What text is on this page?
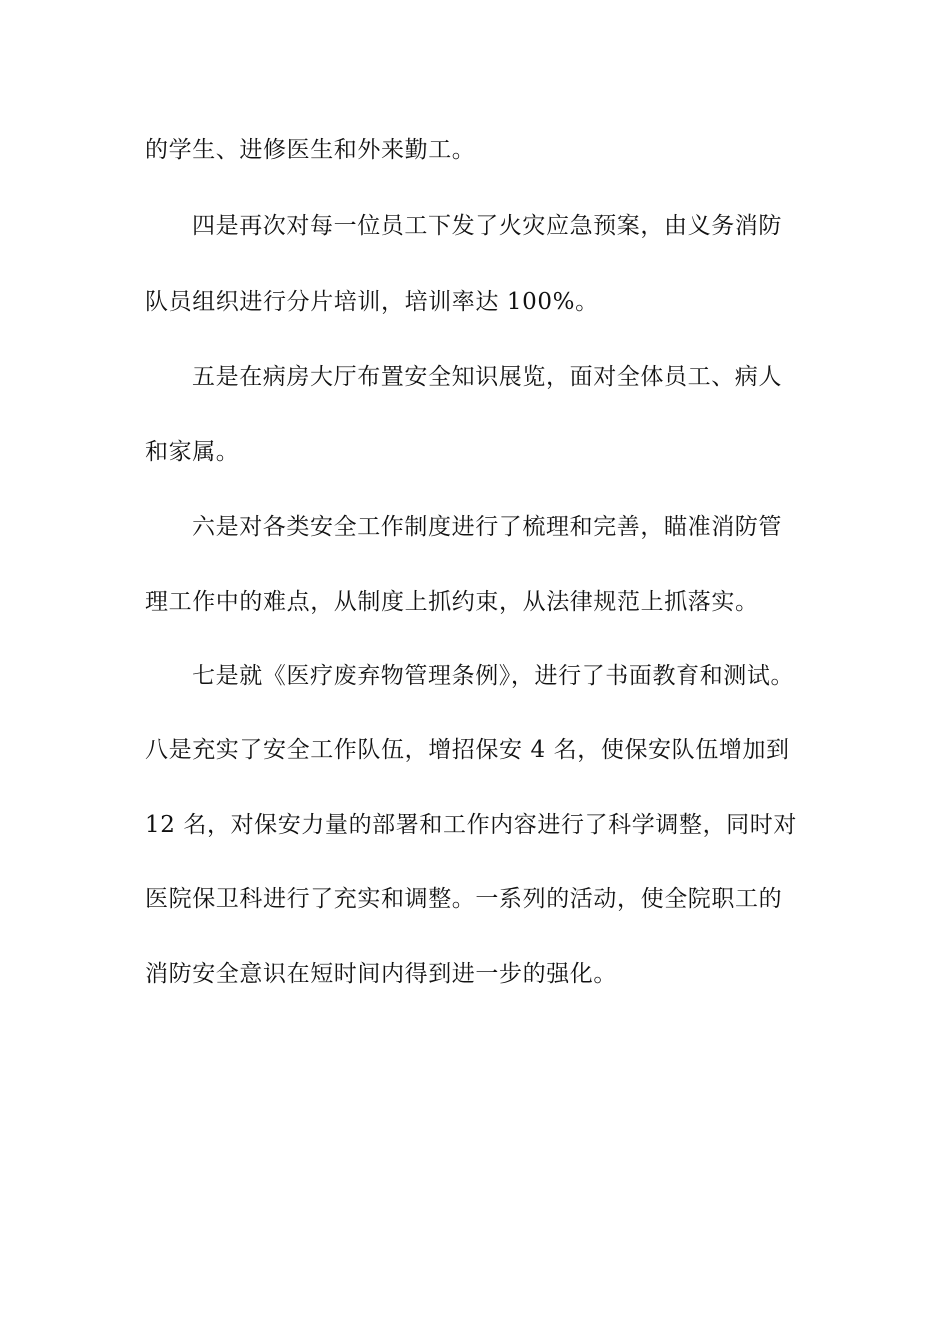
的学生、进修医生和外来勤工。
四是再次对每一位员工下发了火灾应急预案，由义务消防
队员组织进行分片培训，培训率达 100%。
五是在病房大厅布置安全知识展览，面对全体员工、病人
和家属。
六是对各类安全工作制度进行了梳理和完善，瞄准消防管
理工作中的难点，从制度上抓约束，从法律规范上抓落实。
七是就《医疗废弃物管理条例》，进行了书面教育和测试。
八是充实了安全工作队伍，增招保安 4 名，使保安队伍增加到
12 名，对保安力量的部署和工作内容进行了科学调整，同时对
医院保卫科进行了充实和调整。一系列的活动，使全院职工的
消防安全意识在短时间内得到进一步的强化。
